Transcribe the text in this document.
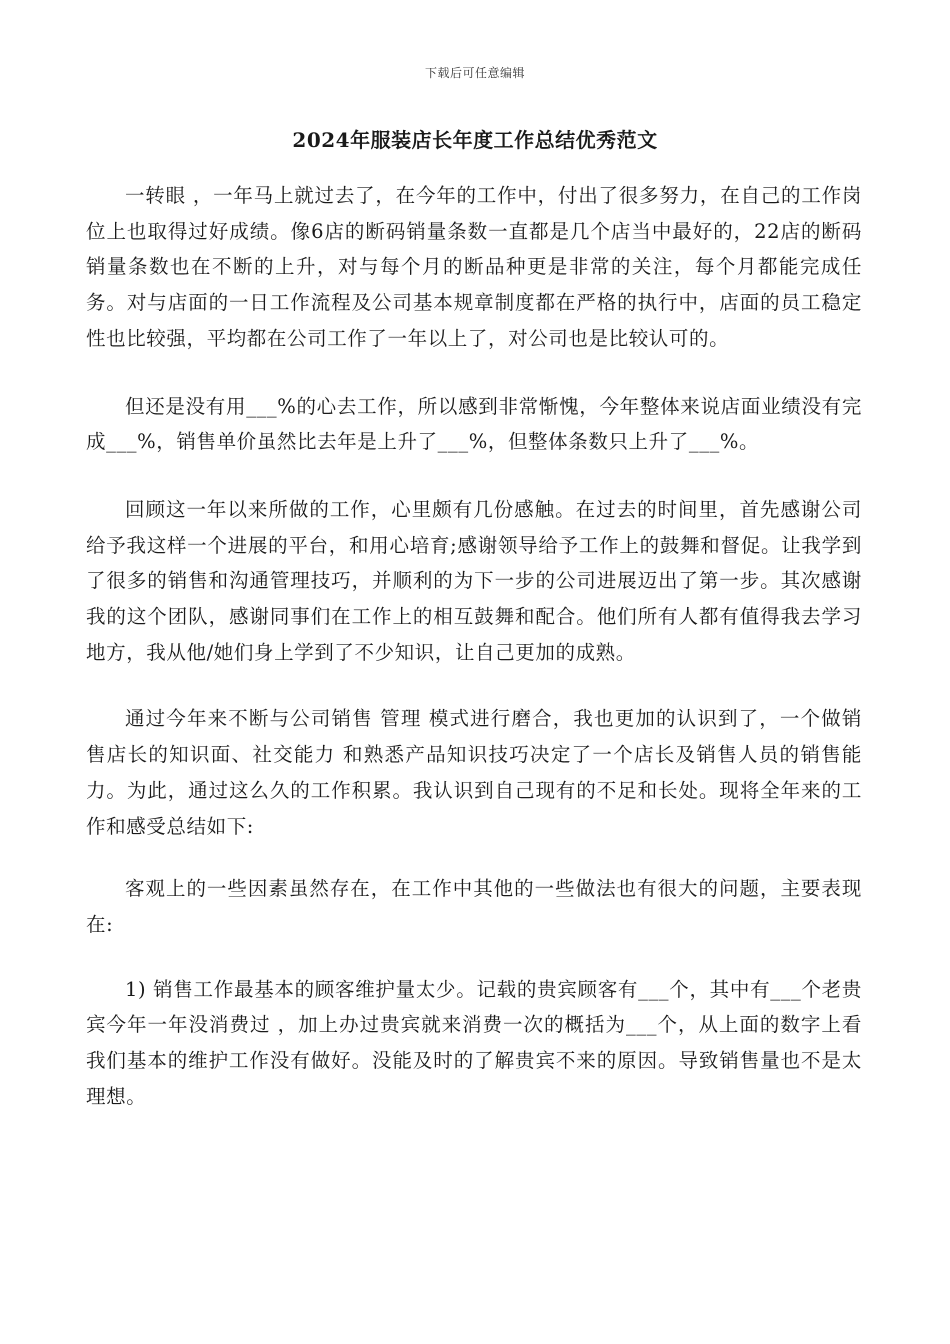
下载后可任意编辑
2024年服装店长年度工作总结优秀范文

一转眼 ，一年马上就过去了，在今年的工作中，付出了很多努力，在自己的工作岗位上也取得过好成绩。像6店的断码销量条数一直都是几个店当中最好的，22店的断码销量条数也在不断的上升，对与每个月的断品种更是非常的关注，每个月都能完成任务。对与店面的一日工作流程及公司基本规章制度都在严格的执行中，店面的员工稳定性也比较强，平均都在公司工作了一年以上了，对公司也是比较认可的。

但还是没有用___%的心去工作，所以感到非常惭愧，今年整体来说店面业绩没有完成___%，销售单价虽然比去年是上升了___%，但整体条数只上升了___%。

回顾这一年以来所做的工作，心里颇有几份感触。在过去的时间里，首先感谢公司给予我这样一个进展的平台，和用心培育;感谢领导给予工作上的鼓舞和督促。让我学到了很多的销售和沟通管理技巧，并顺利的为下一步的公司进展迈出了第一步。其次感谢我的这个团队，感谢同事们在工作上的相互鼓舞和配合。他们所有人都有值得我去学习地方，我从他/她们身上学到了不少知识，让自己更加的成熟。

通过今年来不断与公司销售 管理 模式进行磨合，我也更加的认识到了，一个做销售店长的知识面、社交能力 和熟悉产品知识技巧决定了一个店长及销售人员的销售能力。为此，通过这么久的工作积累。我认识到自己现有的不足和长处。现将全年来的工作和感受总结如下:

客观上的一些因素虽然存在，在工作中其他的一些做法也有很大的问题，主要表现在:

1) 销售工作最基本的顾客维护量太少。记载的贵宾顾客有___个，其中有___个老贵宾今年一年没消费过 ，加上办过贵宾就来消费一次的概括为___个，从上面的数字上看我们基本的维护工作没有做好。没能及时的了解贵宾不来的原因。导致销售量也不是太理想。
